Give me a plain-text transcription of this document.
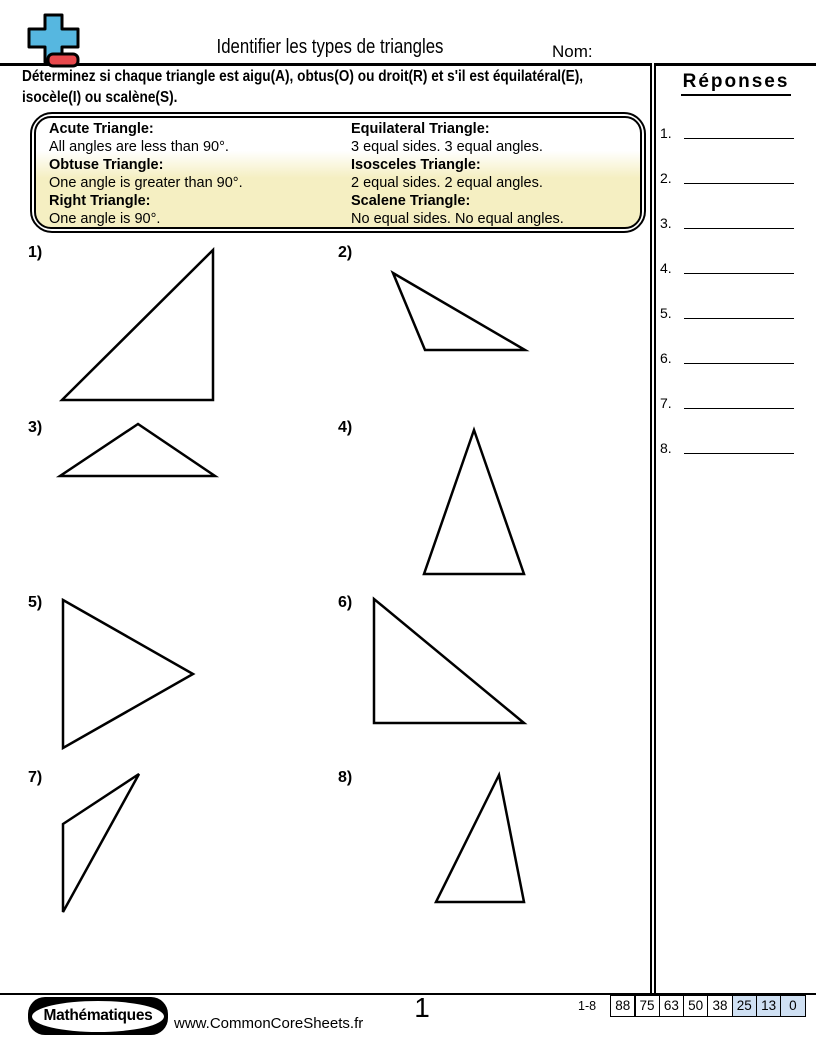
Identifier les types de triangles	Nom:
Déterminez si chaque triangle est aigu(A), obtus(O) ou droit(R) et s'il est équilatéral(E),
isocèle(I) ou scalène(S).
Acute Triangle:
All angles are less than 90°.
Obtuse Triangle:
One angle is greater than 90°.
Right Triangle:
One angle is 90°.
Equilateral Triangle:
3 equal sides. 3 equal angles.
Isosceles Triangle:
2 equal sides. 2 equal angles.
Scalene Triangle:
No equal sides. No equal angles.
1)	2)
3)	4)
5)	6)
7)	8)
Réponses
1.
2.
3.
4.
5.
6.
7.
8.
Mathématiques	www.CommonCoreSheets.fr
1	1-8	88 75 63 50 38 25 13 0
